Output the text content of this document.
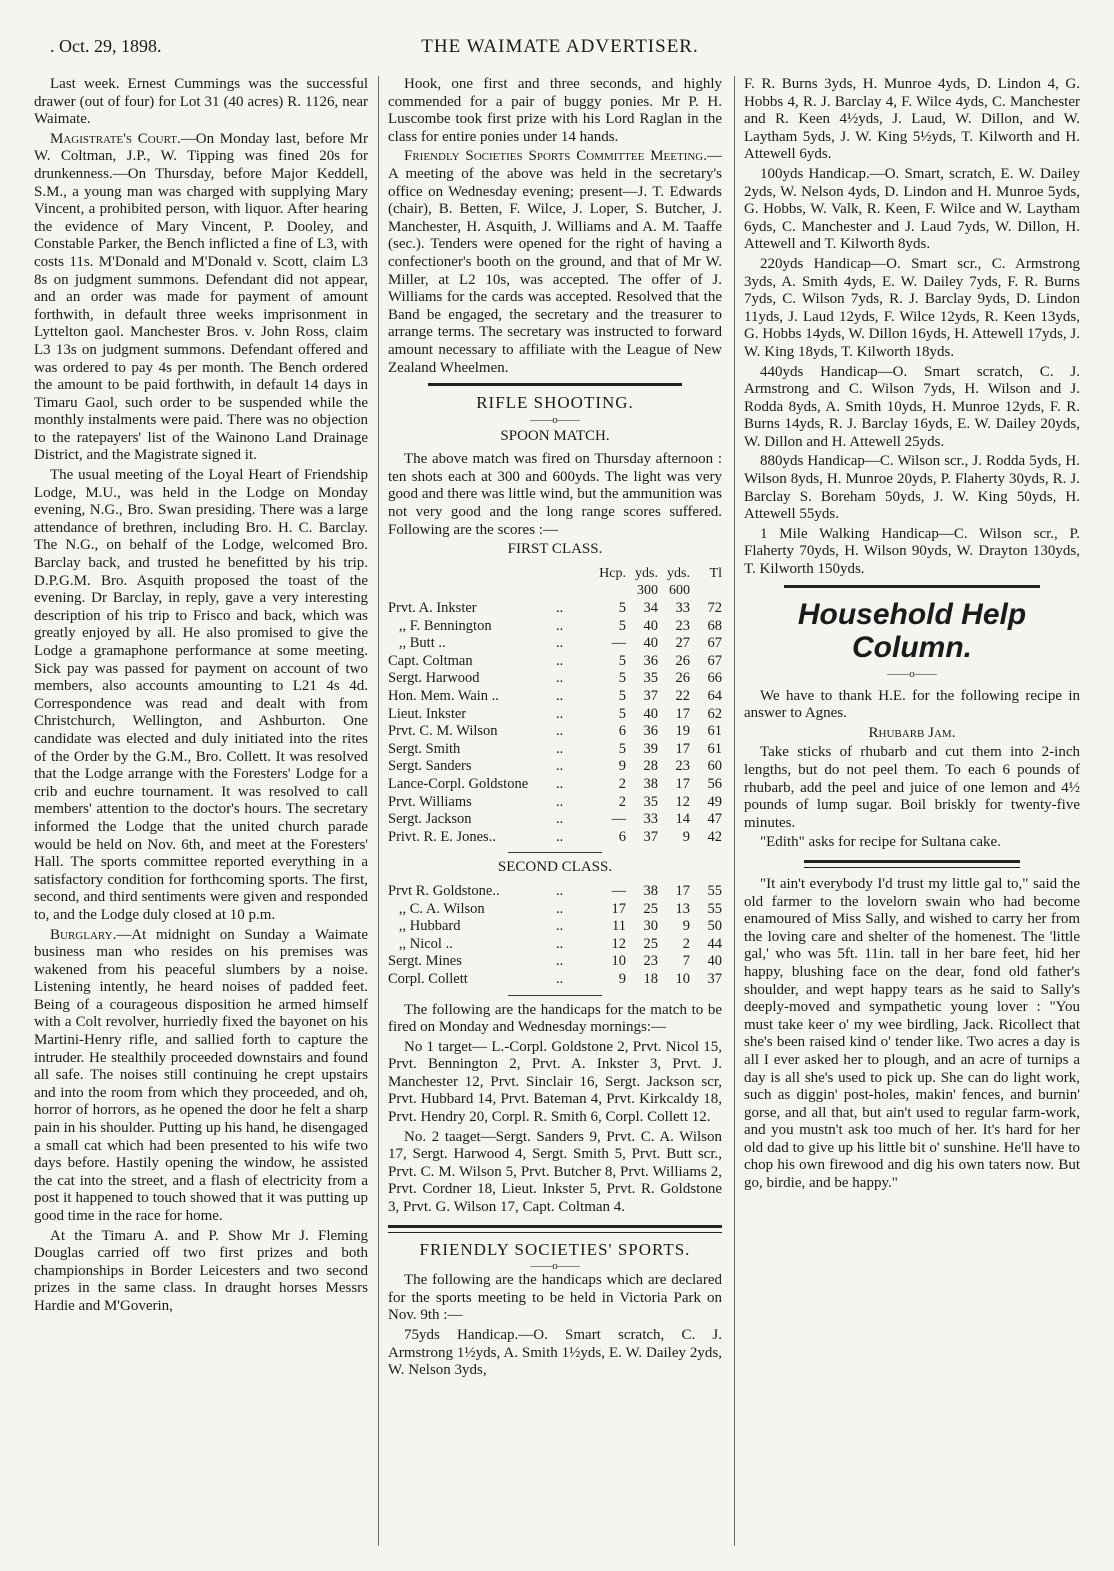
. Oct. 29, 1898.	THE WAIMATE ADVERTISER.

Last week. Ernest Cummings was the successful drawer (out of four) for Lot 31 (40 acres) R. 1126, near Waimate.

Magistrate's Court.—On Monday last, before Mr W. Coltman, J.P., W. Tipping was fined 20s for drunkenness.—On Thursday, before Major Keddell, S.M., a young man was charged with supplying Mary Vincent, a prohibited person, with liquor. After hearing the evidence of Mary Vincent, P. Dooley, and Constable Parker, the Bench inflicted a fine of L3, with costs 11s. M'Donald and M'Donald v. Scott, claim L3 8s on judgment summons. Defendant did not appear, and an order was made for payment of amount forthwith, in default three weeks imprisonment in Lyttelton gaol. Manchester Bros. v. John Ross, claim L3 13s on judgment summons. Defendant offered and was ordered to pay 4s per month. The Bench ordered the amount to be paid forthwith, in default 14 days in Timaru Gaol, such order to be suspended while the monthly instalments were paid. There was no objection to the ratepayers' list of the Wainono Land Drainage District, and the Magistrate signed it.

The usual meeting of the Loyal Heart of Friendship Lodge, M.U., was held in the Lodge on Monday evening, N.G., Bro. Swan presiding. There was a large attendance of brethren, including Bro. H. C. Barclay. The N.G., on behalf of the Lodge, welcomed Bro. Barclay back, and trusted he benefitted by his trip. D.P.G.M. Bro. Asquith proposed the toast of the evening. Dr Barclay, in reply, gave a very interesting description of his trip to Frisco and back, which was greatly enjoyed by all. He also promised to give the Lodge a gramaphone performance at some meeting. Sick pay was passed for payment on account of two members, also accounts amounting to L21 4s 4d. Correspondence was read and dealt with from Christchurch, Wellington, and Ashburton. One candidate was elected and duly initiated into the rites of the Order by the G.M., Bro. Collett. It was resolved that the Lodge arrange with the Foresters' Lodge for a crib and euchre tournament. It was resolved to call members' attention to the doctor's hours. The secretary informed the Lodge that the united church parade would be held on Nov. 6th, and meet at the Foresters' Hall. The sports committee reported everything in a satisfactory condition for forthcoming sports. The first, second, and third sentiments were given and responded to, and the Lodge duly closed at 10 p.m.

Burglary.—At midnight on Sunday a Waimate business man who resides on his premises was wakened from his peaceful slumbers by a noise. Listening intently, he heard noises of padded feet. Being of a courageous disposition he armed himself with a Colt revolver, hurriedly fixed the bayonet on his Martini-Henry rifle, and sallied forth to capture the intruder. He stealthily proceeded downstairs and found all safe. The noises still continuing he crept upstairs and into the room from which they proceeded, and oh, horror of horrors, as he opened the door he felt a sharp pain in his shoulder. Putting up his hand, he disengaged a small cat which had been presented to his wife two days before. Hastily opening the window, he assisted the cat into the street, and a flash of electricity from a post it happened to touch showed that it was putting up good time in the race for home.

At the Timaru A. and P. Show Mr J. Fleming Douglas carried off two first prizes and both championships in Border Leicesters and two second prizes in the same class. In draught horses Messrs Hardie and M'Goverin,

Hook, one first and three seconds, and highly commended for a pair of buggy ponies. Mr P. H. Luscombe took first prize with his Lord Raglan in the class for entire ponies under 14 hands.

Friendly Societies Sports Committee Meeting.—A meeting of the above was held in the secretary's office on Wednesday evening; present—J. T. Edwards (chair), B. Betten, F. Wilce, J. Loper, S. Butcher, J. Manchester, H. Asquith, J. Williams and A. M. Taaffe (sec.). Tenders were opened for the right of having a confectioner's booth on the ground, and that of Mr W. Miller, at L2 10s, was accepted. The offer of J. Williams for the cards was accepted. Resolved that the Band be engaged, the secretary and the treasurer to arrange terms. The secretary was instructed to forward amount necessary to affiliate with the League of New Zealand Wheelmen.

RIFLE SHOOTING.
——o——
SPOON MATCH.

The above match was fired on Thursday afternoon : ten shots each at 300 and 600yds. The light was very good and there was little wind, but the ammunition was not very good and the long range scores suffered. Following are the scores :—

FIRST CLASS.
		Hcp.	yds.	yds.	Tl
			300	600	
Prvt. A. Inkster	..	5	34	33	72
,, F. Bennington	..	5	40	23	68
,, Butt ..	..	—	40	27	67
Capt. Coltman	..	5	36	26	67
Sergt. Harwood	..	5	35	26	66
Hon. Mem. Wain ..	..	5	37	22	64
Lieut. Inkster	..	5	40	17	62
Prvt. C. M. Wilson	..	6	36	19	61
Sergt. Smith	..	5	39	17	61
Sergt. Sanders	..	9	28	23	60
Lance-Corpl. Goldstone	..	2	38	17	56
Prvt. Williams	..	2	35	12	49
Sergt. Jackson	..	—	33	14	47
Privt. R. E. Jones..	..	6	37	9	42
SECOND CLASS.
Prvt R. Goldstone..	..	—	38	17	55
,, C. A. Wilson	..	17	25	13	55
,, Hubbard	..	11	30	9	50
,, Nicol ..	..	12	25	2	44
Sergt. Mines	..	10	23	7	40
Corpl. Collett	..	9	18	10	37

The following are the handicaps for the match to be fired on Monday and Wednesday mornings:—

No 1 target— L.-Corpl. Goldstone 2, Prvt. Nicol 15, Prvt. Bennington 2, Prvt. A. Inkster 3, Prvt. J. Manchester 12, Prvt. Sinclair 16, Sergt. Jackson scr, Prvt. Hubbard 14, Prvt. Bateman 4, Prvt. Kirkcaldy 18, Prvt. Hendry 20, Corpl. R. Smith 6, Corpl. Collett 12.

No. 2 taaget—Sergt. Sanders 9, Prvt. C. A. Wilson 17, Sergt. Harwood 4, Sergt. Smith 5, Prvt. Butt scr., Prvt. C. M. Wilson 5, Prvt. Butcher 8, Prvt. Williams 2, Prvt. Cordner 18, Lieut. Inkster 5, Prvt. R. Goldstone 3, Prvt. G. Wilson 17, Capt. Coltman 4.

FRIENDLY SOCIETIES' SPORTS.
——o——

The following are the handicaps which are declared for the sports meeting to be held in Victoria Park on Nov. 9th :—

75yds Handicap.—O. Smart scratch, C. J. Armstrong 1½yds, A. Smith 1½yds, E. W. Dailey 2yds, W. Nelson 3yds,

F. R. Burns 3yds, H. Munroe 4yds, D. Lindon 4, G. Hobbs 4, R. J. Barclay 4, F. Wilce 4yds, C. Manchester and R. Keen 4½yds, J. Laud, W. Dillon, and W. Laytham 5yds, J. W. King 5½yds, T. Kilworth and H. Attewell 6yds.

100yds Handicap.—O. Smart, scratch, E. W. Dailey 2yds, W. Nelson 4yds, D. Lindon and H. Munroe 5yds, G. Hobbs, W. Valk, R. Keen, F. Wilce and W. Laytham 6yds, C. Manchester and J. Laud 7yds, W. Dillon, H. Attewell and T. Kilworth 8yds.

220yds Handicap—O. Smart scr., C. Armstrong 3yds, A. Smith 4yds, E. W. Dailey 7yds, F. R. Burns 7yds, C. Wilson 7yds, R. J. Barclay 9yds, D. Lindon 11yds, J. Laud 12yds, F. Wilce 12yds, R. Keen 13yds, G. Hobbs 14yds, W. Dillon 16yds, H. Attewell 17yds, J. W. King 18yds, T. Kilworth 18yds.

440yds Handicap—O. Smart scratch, C. J. Armstrong and C. Wilson 7yds, H. Wilson and J. Rodda 8yds, A. Smith 10yds, H. Munroe 12yds, F. R. Burns 14yds, R. J. Barclay 16yds, E. W. Dailey 20yds, W. Dillon and H. Attewell 25yds.

880yds Handicap—C. Wilson scr., J. Rodda 5yds, H. Wilson 8yds, H. Munroe 20yds, P. Flaherty 30yds, R. J. Barclay S. Boreham 50yds, J. W. King 50yds, H. Attewell 55yds.

1 Mile Walking Handicap—C. Wilson scr., P. Flaherty 70yds, H. Wilson 90yds, W. Drayton 130yds, T. Kilworth 150yds.

Household Help
Column.
——o——

We have to thank H.E. for the following recipe in answer to Agnes.

Rhubarb Jam.

Take sticks of rhubarb and cut them into 2-inch lengths, but do not peel them. To each 6 pounds of rhubarb, add the peel and juice of one lemon and 4½ pounds of lump sugar. Boil briskly for twenty-five minutes.

"Edith" asks for recipe for Sultana cake.

"It ain't everybody I'd trust my little gal to," said the old farmer to the lovelorn swain who had become enamoured of Miss Sally, and wished to carry her from the loving care and shelter of the homenest. The 'little gal,' who was 5ft. 11in. tall in her bare feet, hid her happy, blushing face on the dear, fond old father's shoulder, and wept happy tears as he said to Sally's deeply-moved and sympathetic young lover : "You must take keer o' my wee birdling, Jack. Ricollect that she's been raised kind o' tender like. Two acres a day is all I ever asked her to plough, and an acre of turnips a day is all she's used to pick up. She can do light work, such as diggin' post-holes, makin' fences, and burnin' gorse, and all that, but ain't used to regular farm-work, and you mustn't ask too much of her. It's hard for her old dad to give up his little bit o' sunshine. He'll have to chop his own firewood and dig his own taters now. But go, birdie, and be happy."
